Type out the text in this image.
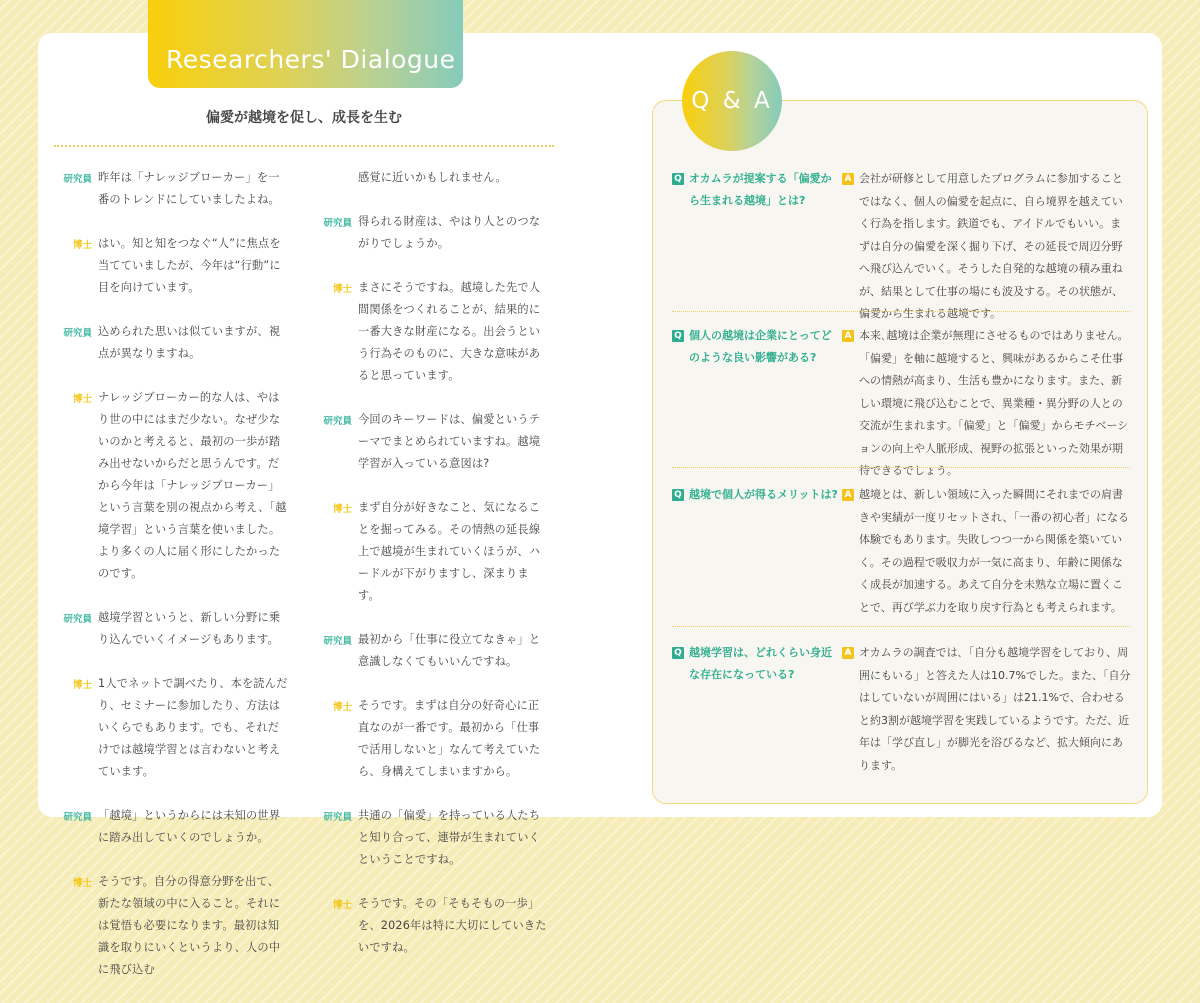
Researchers' Dialogue
偏愛が越境を促し、成長を生む
研究員 昨年は「ナレッジブローカー」を一番のトレンドにしていましたよね。
博士 はい。知と知をつなぐ“人”に焦点を当てていましたが、今年は“行動”に目を向けています。
研究員 込められた思いは似ていますが、視点が異なりますね。
博士 ナレッジブローカー的な人は、やはり世の中にはまだ少ない。なぜ少ないのかと考えると、最初の一歩が踏み出せないからだと思うんです。だから今年は「ナレッジブローカー」という言葉を別の視点から考え、「越境学習」という言葉を使いました。より多くの人に届く形にしたかったのです。
研究員 越境学習というと、新しい分野に乗り込んでいくイメージもあります。
博士 1人でネットで調べたり、本を読んだり、セミナーに参加したり、方法はいくらでもあります。でも、それだけでは越境学習とは言わないと考えています。
研究員 「越境」というからには未知の世界に踏み出していくのでしょうか。
博士 そうです。自分の得意分野を出て、新たな領域の中に入ること。それには覚悟も必要になります。最初は知識を取りにいくというより、人の中に飛び込む
感覚に近いかもしれません。
研究員 得られる財産は、やはり人とのつながりでしょうか。
博士 まさにそうですね。越境した先で人間関係をつくれることが、結果的に一番大きな財産になる。出会うという行為そのものに、大きな意味があると思っています。
研究員 今回のキーワードは、偏愛というテーマでまとめられていますね。越境学習が入っている意図は?
博士 まず自分が好きなこと、気になることを掘ってみる。その情熱の延長線上で越境が生まれていくほうが、ハードルが下がりますし、深まります。
研究員 最初から「仕事に役立てなきゃ」と意識しなくてもいいんですね。
博士 そうです。まずは自分の好奇心に正直なのが一番です。最初から「仕事で活用しないと」なんて考えていたら、身構えてしまいますから。
研究員 共通の「偏愛」を持っている人たちと知り合って、連帯が生まれていくということですね。
博士 そうです。その「そもそもの一歩」を、2026年は特に大切にしていきたいですね。
Q & A
Q オカムラが提案する「偏愛から生まれる越境」とは?
A 会社が研修として用意したプログラムに参加することではなく、個人の偏愛を起点に、自ら境界を越えていく行為を指します。鉄道でも、アイドルでもいい。まずは自分の偏愛を深く掘り下げ、その延長で周辺分野へ飛び込んでいく。そうした自発的な越境の積み重ねが、結果として仕事の場にも波及する。その状態が、偏愛から生まれる越境です。
Q 個人の越境は企業にとってどのような良い影響がある?
A 本来､越境は企業が無理にさせるものではありません｡「偏愛」を軸に越境すると、興味があるからこそ仕事への情熱が高まり、生活も豊かになります。また、新しい環境に飛び込むことで、異業種・異分野の人との交流が生まれます｡「偏愛」と「偏愛」からモチベーションの向上や人脈形成、視野の拡張といった効果が期待できるでしょう。
Q 越境で個人が得るメリットは? A 越境とは、新しい領域に入った瞬間にそれまでの肩書きや実績が一度リセットされ、「一番の初心者」になる体験でもあります。失敗しつつ一から関係を築いていく。その過程で吸収力が一気に高まり、年齢に関係なく成長が加速する。あえて自分を未熟な立場に置くことで、再び学ぶ力を取り戻す行為とも考えられます。
Q 越境学習は、どれくらい身近な存在になっている?
A オカムラの調査では､「自分も越境学習をしており、周囲にもいる」と答えた人は10.7%でした。また、「自分はしていないが周囲にはいる」は21.1%で、合わせると約3割が越境学習を実践しているようです。ただ、近年は「学び直し」が脚光を浴びるなど、拡大傾向にあります。
